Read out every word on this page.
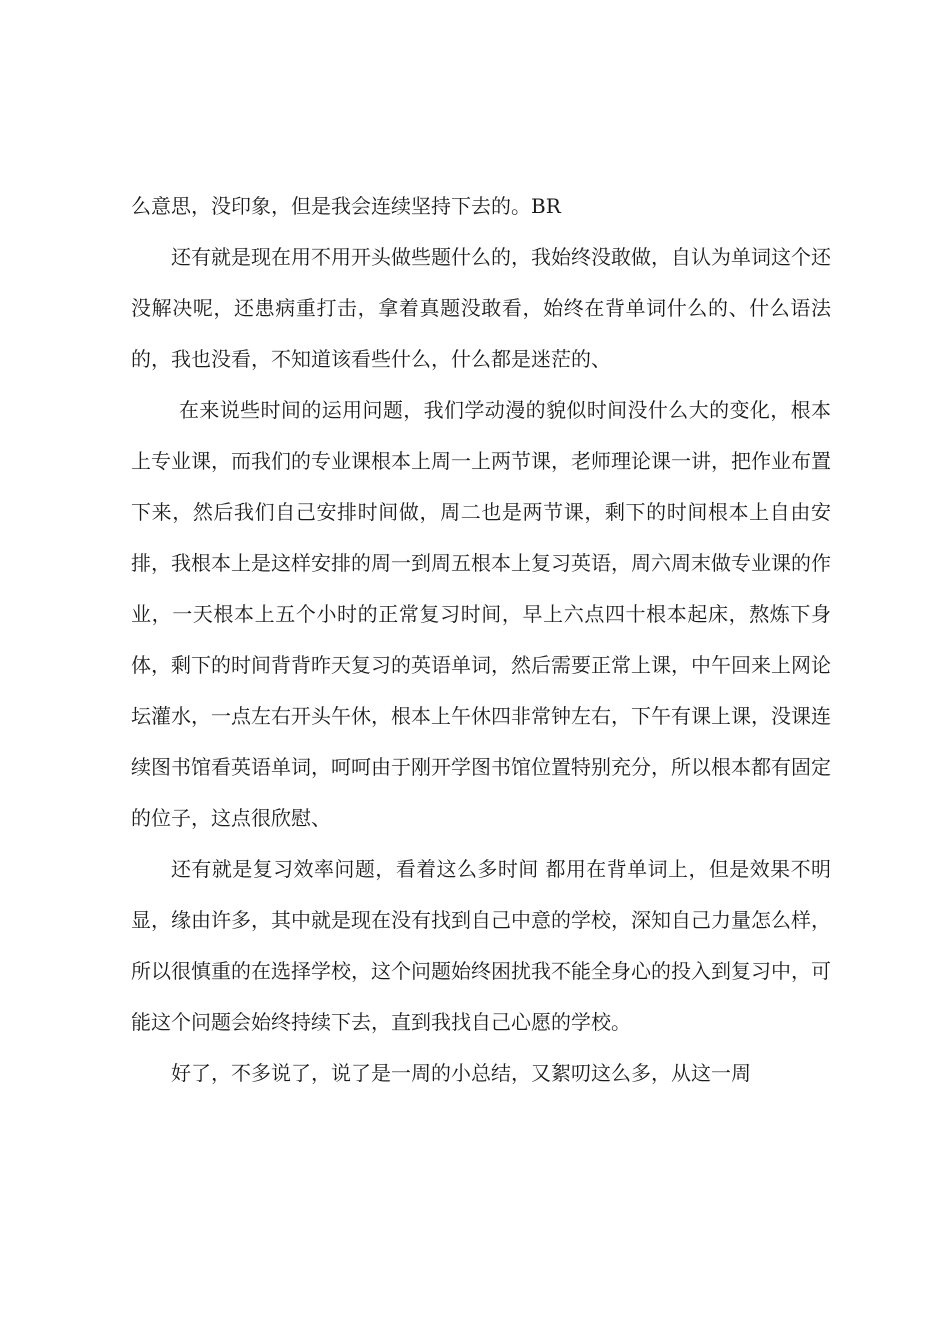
么意思，没印象，但是我会连续坚持下去的。BR

还有就是现在用不用开头做些题什么的，我始终没敢做，自认为单词这个还没解决呢，还患病重打击，拿着真题没敢看，始终在背单词什么的、什么语法的，我也没看，不知道该看些什么，什么都是迷茫的、

在来说些时间的运用问题，我们学动漫的貌似时间没什么大的变化，根本上专业课，而我们的专业课根本上周一上两节课，老师理论课一讲，把作业布置下来，然后我们自己安排时间做，周二也是两节课，剩下的时间根本上自由安排，我根本上是这样安排的周一到周五根本上复习英语，周六周末做专业课的作业，一天根本上五个小时的正常复习时间，早上六点四十根本起床，熬炼下身体，剩下的时间背背昨天复习的英语单词，然后需要正常上课，中午回来上网论坛灌水，一点左右开头午休，根本上午休四非常钟左右，下午有课上课，没课连续图书馆看英语单词，呵呵由于刚开学图书馆位置特别充分，所以根本都有固定的位子，这点很欣慰、

还有就是复习效率问题，看着这么多时间 都用在背单词上，但是效果不明显，缘由许多，其中就是现在没有找到自己中意的学校，深知自己力量怎么样，所以很慎重的在选择学校，这个问题始终困扰我不能全身心的投入到复习中，可能这个问题会始终持续下去，直到我找自己心愿的学校。

好了，不多说了，说了是一周的小总结，又絮叨这么多，从这一周
